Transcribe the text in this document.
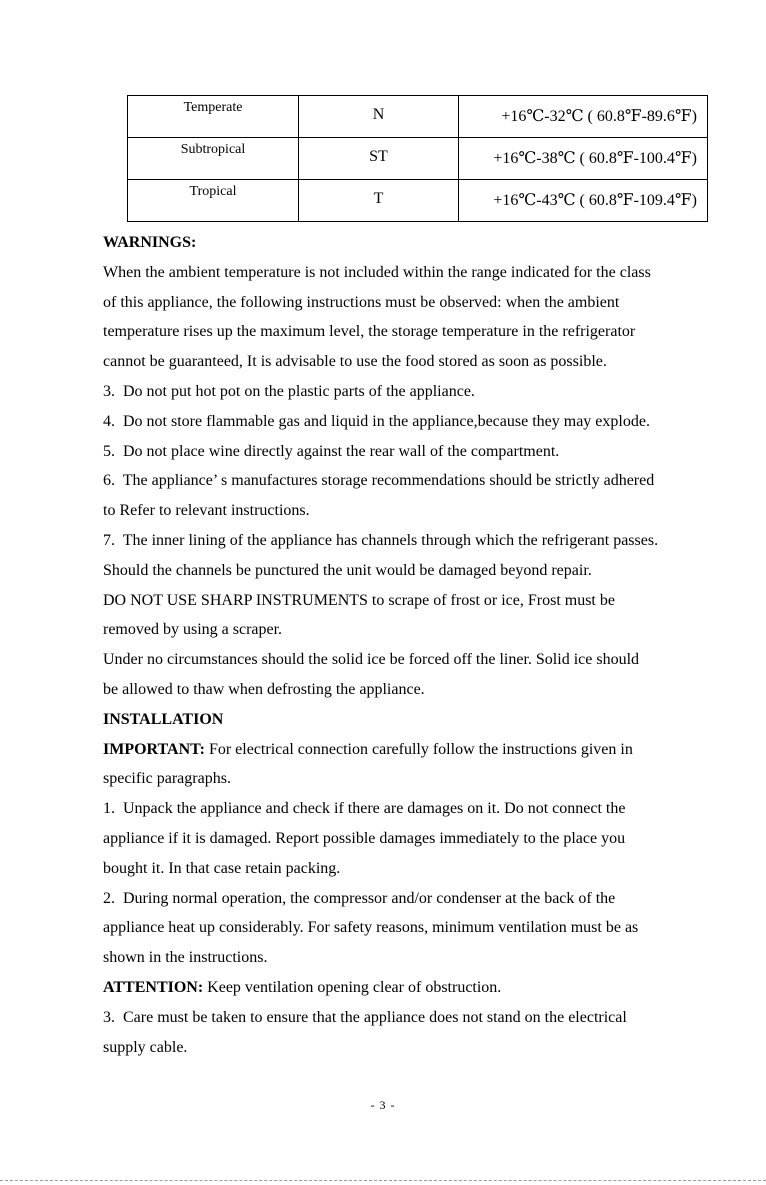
Temperate	N	+16℃-32℃ ( 60.8℉-89.6℉)
Subtropical	ST	+16℃-38℃ ( 60.8℉-100.4℉)
Tropical	T	+16℃-43℃ ( 60.8℉-109.4℉)
WARNINGS:
When the ambient temperature is not included within the range indicated for the class
of this appliance, the following instructions must be observed: when the ambient
temperature rises up the maximum level, the storage temperature in the refrigerator
cannot be guaranteed, It is advisable to use the food stored as soon as possible.
3.  Do not put hot pot on the plastic parts of the appliance.
4.  Do not store flammable gas and liquid in the appliance,because they may explode.
5.  Do not place wine directly against the rear wall of the compartment.
6.  The appliance’ s manufactures storage recommendations should be strictly adhered
to Refer to relevant instructions.
7.  The inner lining of the appliance has channels through which the refrigerant passes.
Should the channels be punctured the unit would be damaged beyond repair.
DO NOT USE SHARP INSTRUMENTS to scrape of frost or ice, Frost must be
removed by using a scraper.
Under no circumstances should the solid ice be forced off the liner. Solid ice should
be allowed to thaw when defrosting the appliance.
INSTALLATION
IMPORTANT: For electrical connection carefully follow the instructions given in
specific paragraphs.
1.  Unpack the appliance and check if there are damages on it. Do not connect the
appliance if it is damaged. Report possible damages immediately to the place you
bought it. In that case retain packing.
2.  During normal operation, the compressor and/or condenser at the back of the
appliance heat up considerably. For safety reasons, minimum ventilation must be as
shown in the instructions.
ATTENTION: Keep ventilation opening clear of obstruction.
3.  Care must be taken to ensure that the appliance does not stand on the electrical
supply cable.
- 3 -
